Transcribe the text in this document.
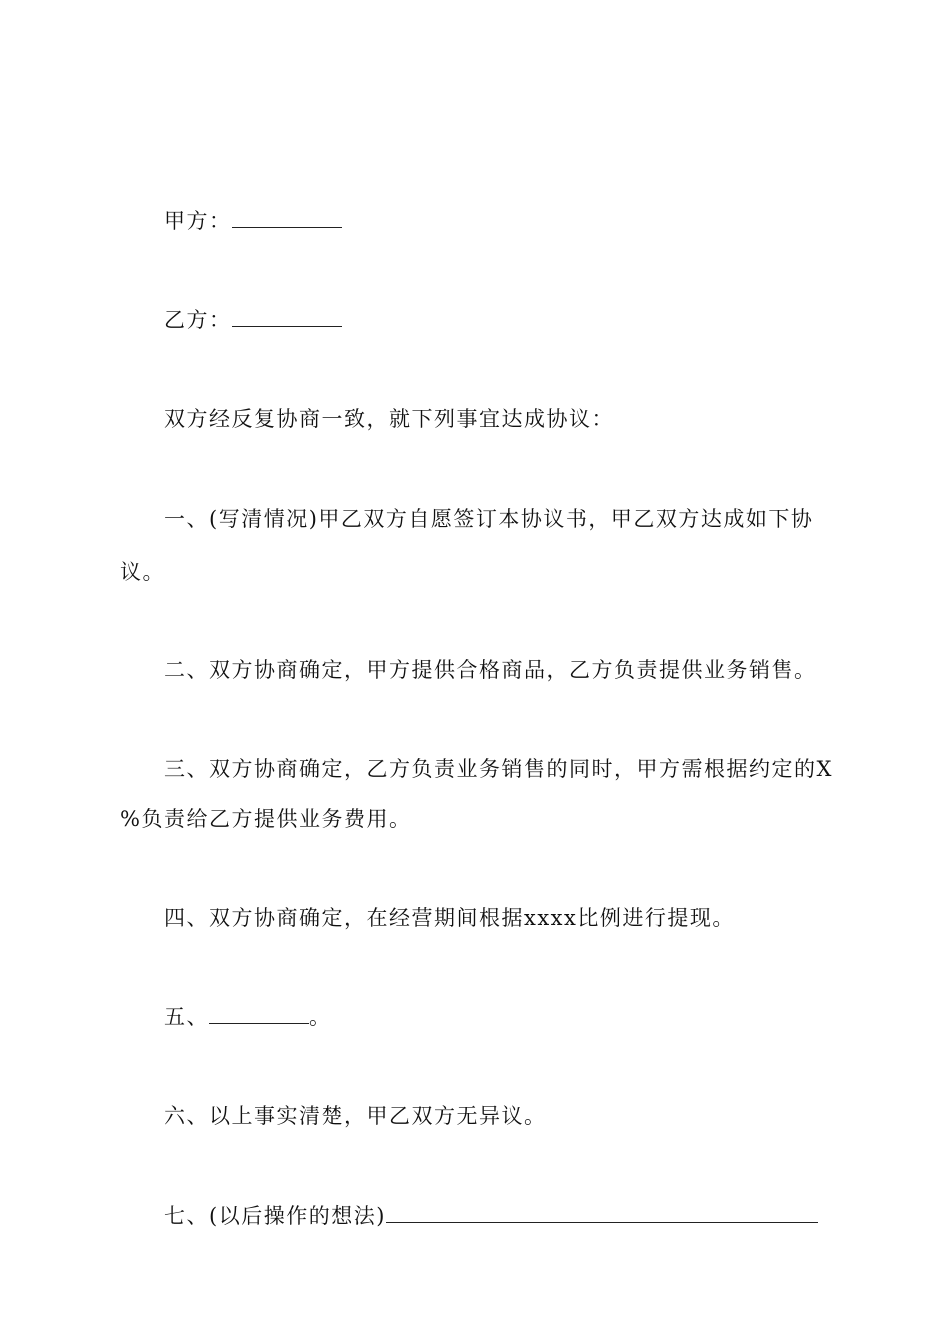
甲方：
乙方：
双方经反复协商一致，就下列事宜达成协议：
一、(写清情况)甲乙双方自愿签订本协议书，甲乙双方达成如下协
议。
二、双方协商确定，甲方提供合格商品，乙方负责提供业务销售。
三、双方协商确定，乙方负责业务销售的同时，甲方需根据约定的X
%负责给乙方提供业务费用。
四、双方协商确定，在经营期间根据xxxx比例进行提现。
五、	。
六、以上事实清楚，甲乙双方无异议。
七、(以后操作的想法)
